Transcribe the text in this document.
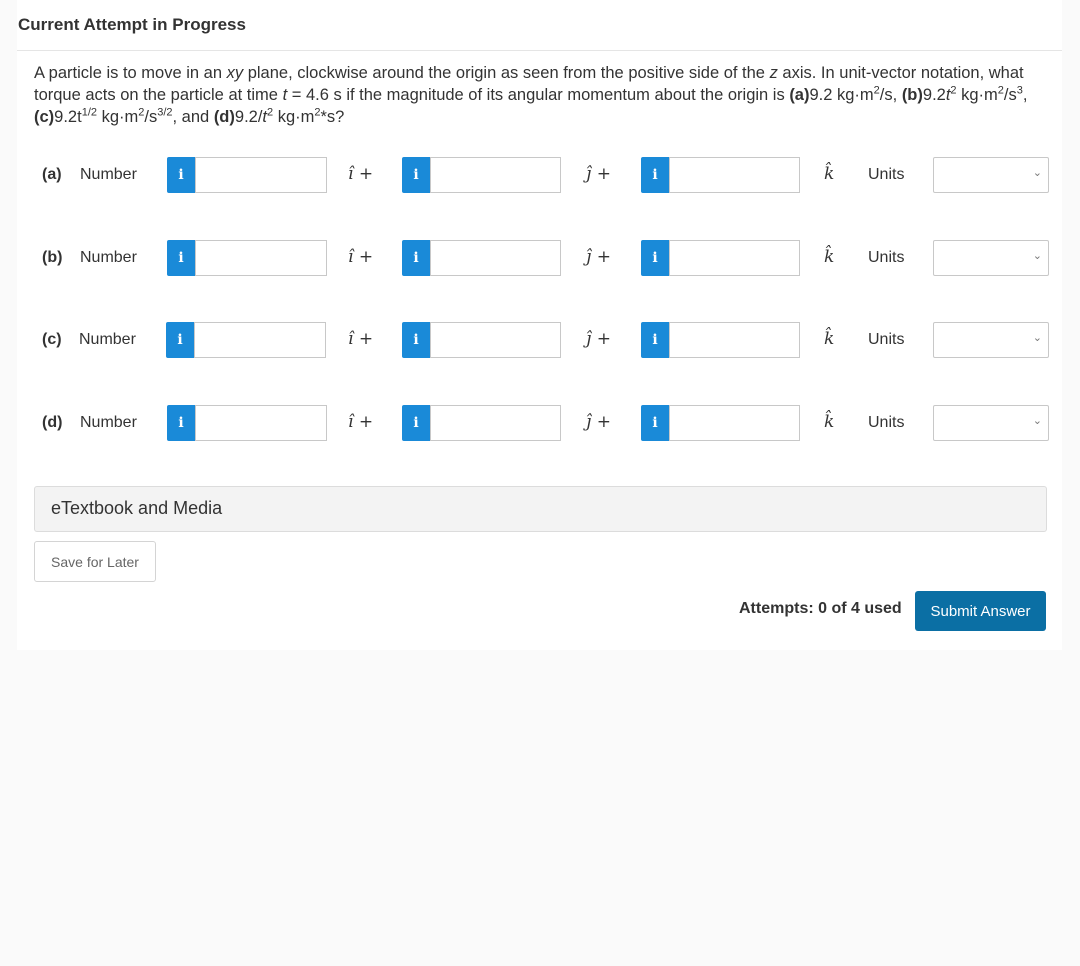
Current Attempt in Progress
A particle is to move in an xy plane, clockwise around the origin as seen from the positive side of the z axis. In unit-vector notation, what torque acts on the particle at time t = 4.6 s if the magnitude of its angular momentum about the origin is (a)9.2 $kg\cdot m^2/s$, $(b)9.2t^2$ $kg\cdot m^2/s^3$, $(c)9.2t^{1/2}$ $kg\cdot m^2/s^{3/2}$, and $(d)9.2/t^2$ $kg\cdot m^2*s$?
(a) Number	i	î +	i	ĵ +	i	k̂ Units	⌄
(b) Number	i	î +	i	ĵ +	i	k̂ Units	⌄
(c) Number	i	î +	i	ĵ +	i	k̂ Units	⌄
(d) Number	i	î +	i	ĵ +	i	k̂ Units	⌄
eTextbook and Media
Save for Later
Attempts: 0 of 4 used	Submit Answer
